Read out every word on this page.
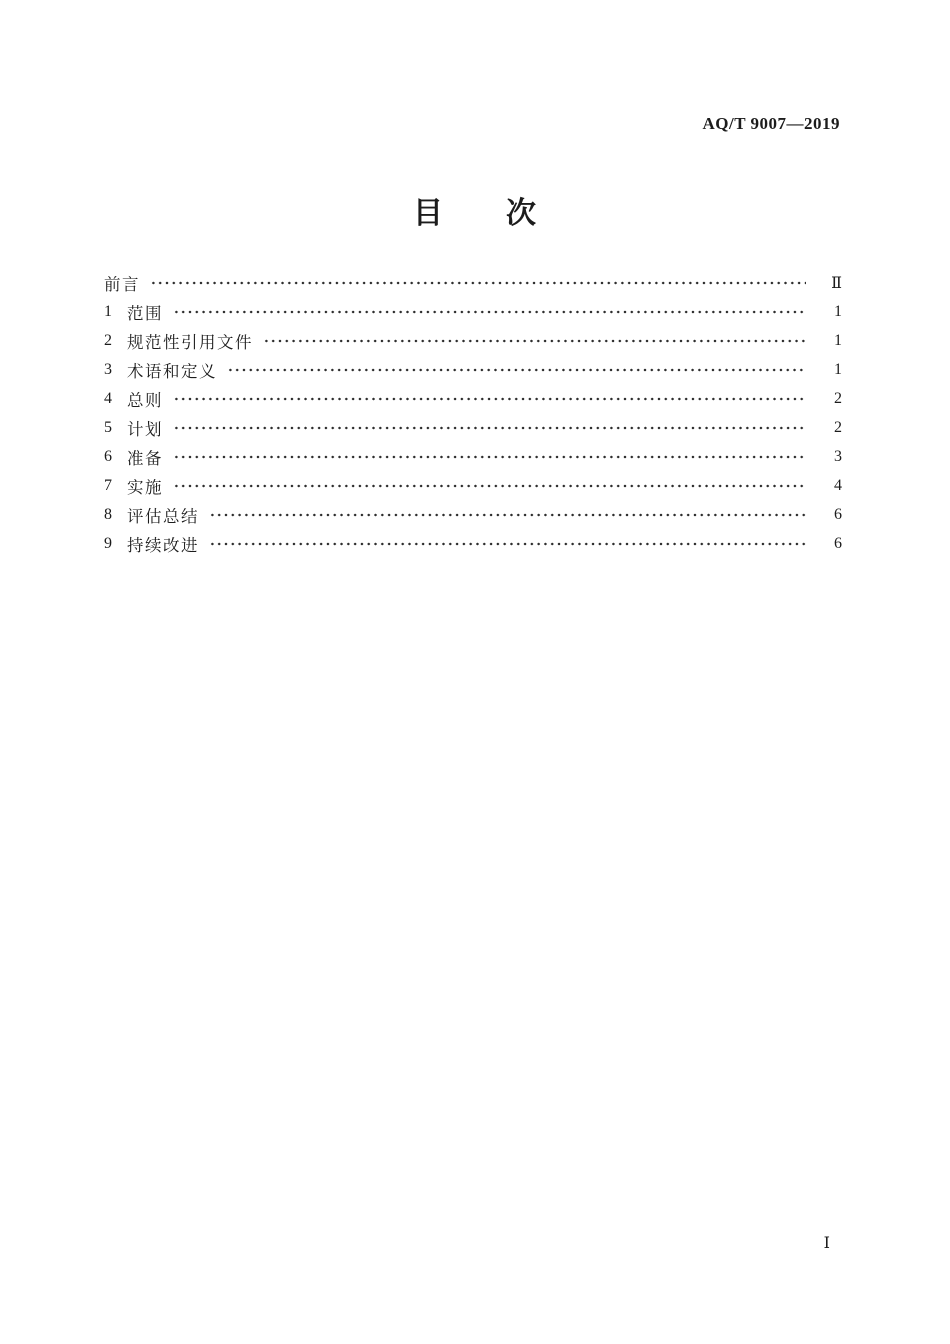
AQ/T 9007—2019
目　　次
前言	Ⅱ
1 范围	1
2 规范性引用文件	1
3 术语和定义	1
4 总则	2
5 计划	2
6 准备	3
7 实施	4
8 评估总结	6
9 持续改进	6
Ⅰ
